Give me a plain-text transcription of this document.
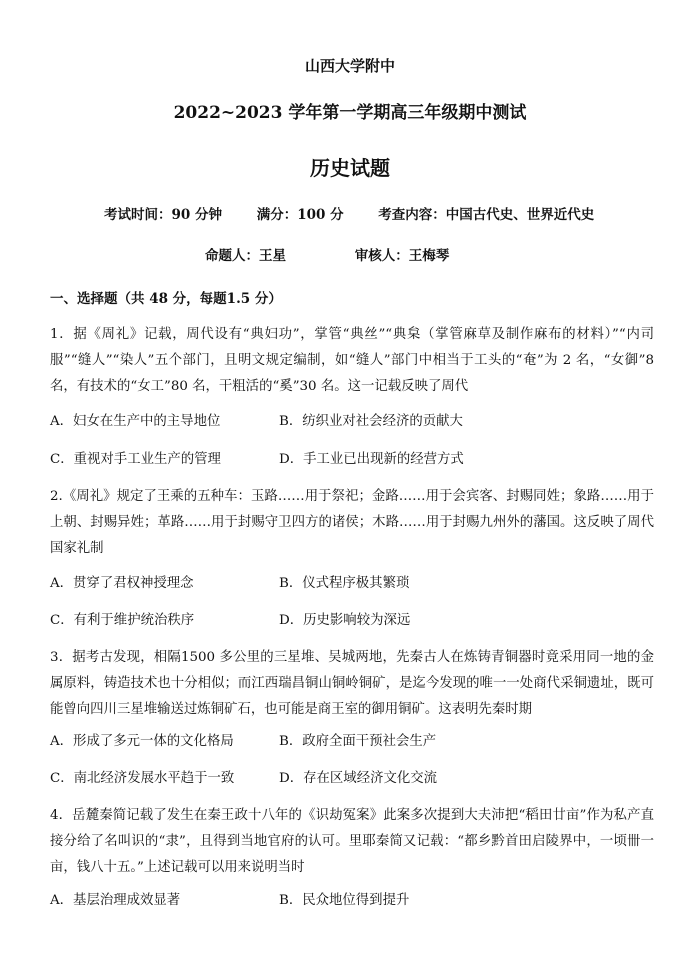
山西大学附中
2022~2023 学年第一学期高三年级期中测试
历史试题
考试时间：90 分钟	满分：100 分	考查内容：中国古代史、世界近代史
命题人：王星	审核人：王梅琴
一、选择题（共 48 分，每题1.5 分）
1．据《周礼》记载，周代设有“典妇功”，掌管“典丝”“典枲（掌管麻草及制作麻布的材料）”“内司服”“缝人”“染人”五个部门，且明文规定编制，如“缝人”部门中相当于工头的“奄”为 2 名，“女御”8 名，有技术的“女工”80 名，干粗活的“奚”30 名。这一记载反映了周代
A．妇女在生产中的主导地位	B．纺织业对社会经济的贡献大
C．重视对手工业生产的管理	D．手工业已出现新的经营方式
2.《周礼》规定了王乘的五种车：玉路……用于祭祀；金路……用于会宾客、封赐同姓；象路……用于上朝、封赐异姓；革路……用于封赐守卫四方的诸侯；木路……用于封赐九州外的藩国。这反映了周代国家礼制
A．贯穿了君权神授理念	B．仪式程序极其繁琐
C．有利于维护统治秩序	D．历史影响较为深远
3．据考古发现，相隔1500 多公里的三星堆、吴城两地，先秦古人在炼铸青铜器时竟采用同一地的金属原料，铸造技术也十分相似；而江西瑞昌铜山铜岭铜矿，是迄今发现的唯一一处商代采铜遗址，既可能曾向四川三星堆输送过炼铜矿石，也可能是商王室的御用铜矿。这表明先秦时期
A．形成了多元一体的文化格局	B．政府全面干预社会生产
C．南北经济发展水平趋于一致	D．存在区域经济文化交流
4．岳麓秦简记载了发生在秦王政十八年的《识劫冤案》此案多次提到大夫沛把“稻田廿亩”作为私产直接分给了名叫识的“隶”，且得到当地官府的认可。里耶秦简又记载：“都乡黔首田启陵界中，一顷卌一亩，钱八十五。”上述记载可以用来说明当时
A．基层治理成效显著	B．民众地位得到提升
